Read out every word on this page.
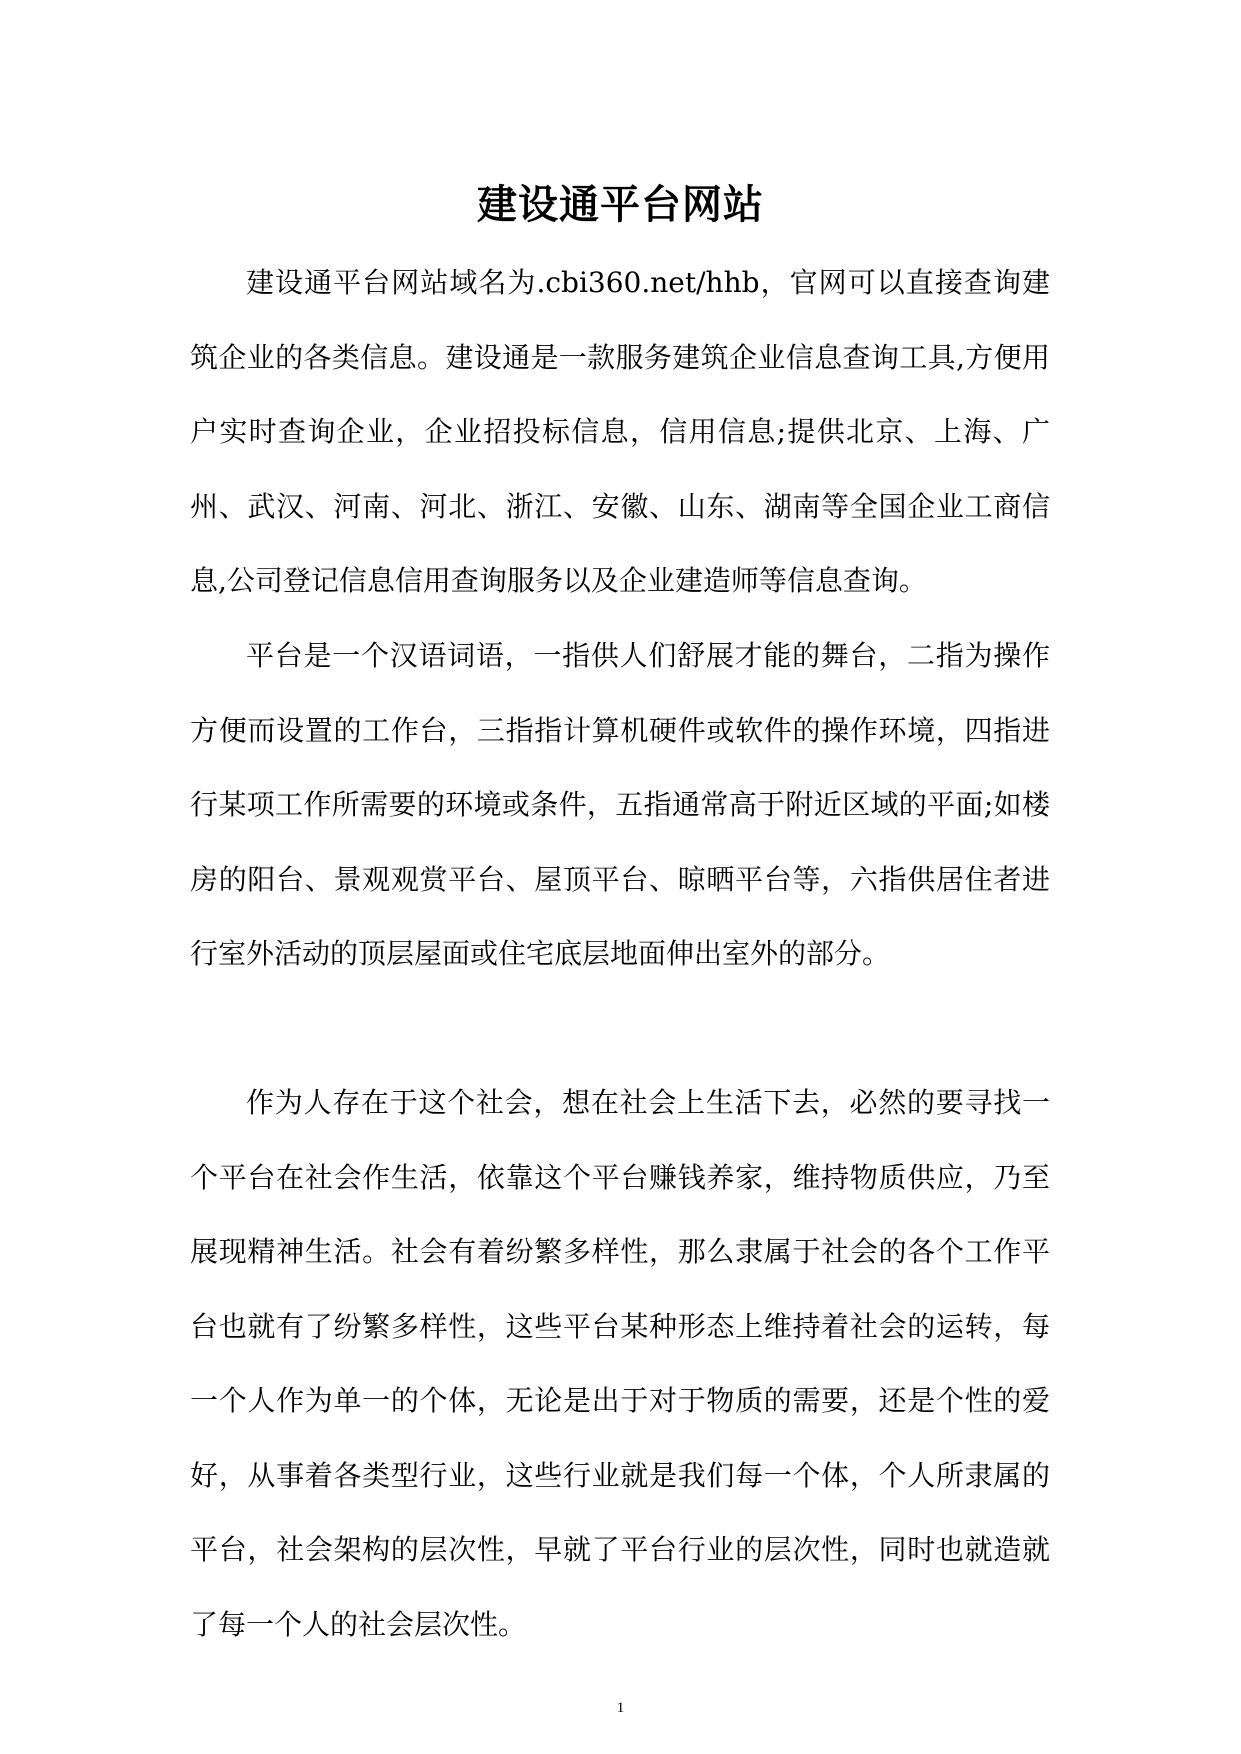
建设通平台网站

建设通平台网站域名为.cbi360.net/hhb，官网可以直接查询建筑企业的各类信息。建设通是一款服务建筑企业信息查询工具,方便用户实时查询企业，企业招投标信息，信用信息;提供北京、上海、广州、武汉、河南、河北、浙江、安徽、山东、湖南等全国企业工商信息,公司登记信息信用查询服务以及企业建造师等信息查询。

平台是一个汉语词语，一指供人们舒展才能的舞台，二指为操作方便而设置的工作台，三指指计算机硬件或软件的操作环境，四指进行某项工作所需要的环境或条件，五指通常高于附近区域的平面;如楼房的阳台、景观观赏平台、屋顶平台、晾晒平台等，六指供居住者进行室外活动的顶层屋面或住宅底层地面伸出室外的部分。

作为人存在于这个社会，想在社会上生活下去，必然的要寻找一个平台在社会作生活，依靠这个平台赚钱养家，维持物质供应，乃至展现精神生活。社会有着纷繁多样性，那么隶属于社会的各个工作平台也就有了纷繁多样性，这些平台某种形态上维持着社会的运转，每一个人作为单一的个体，无论是出于对于物质的需要，还是个性的爱好，从事着各类型行业，这些行业就是我们每一个体，个人所隶属的平台，社会架构的层次性，早就了平台行业的层次性，同时也就造就了每一个人的社会层次性。

1
